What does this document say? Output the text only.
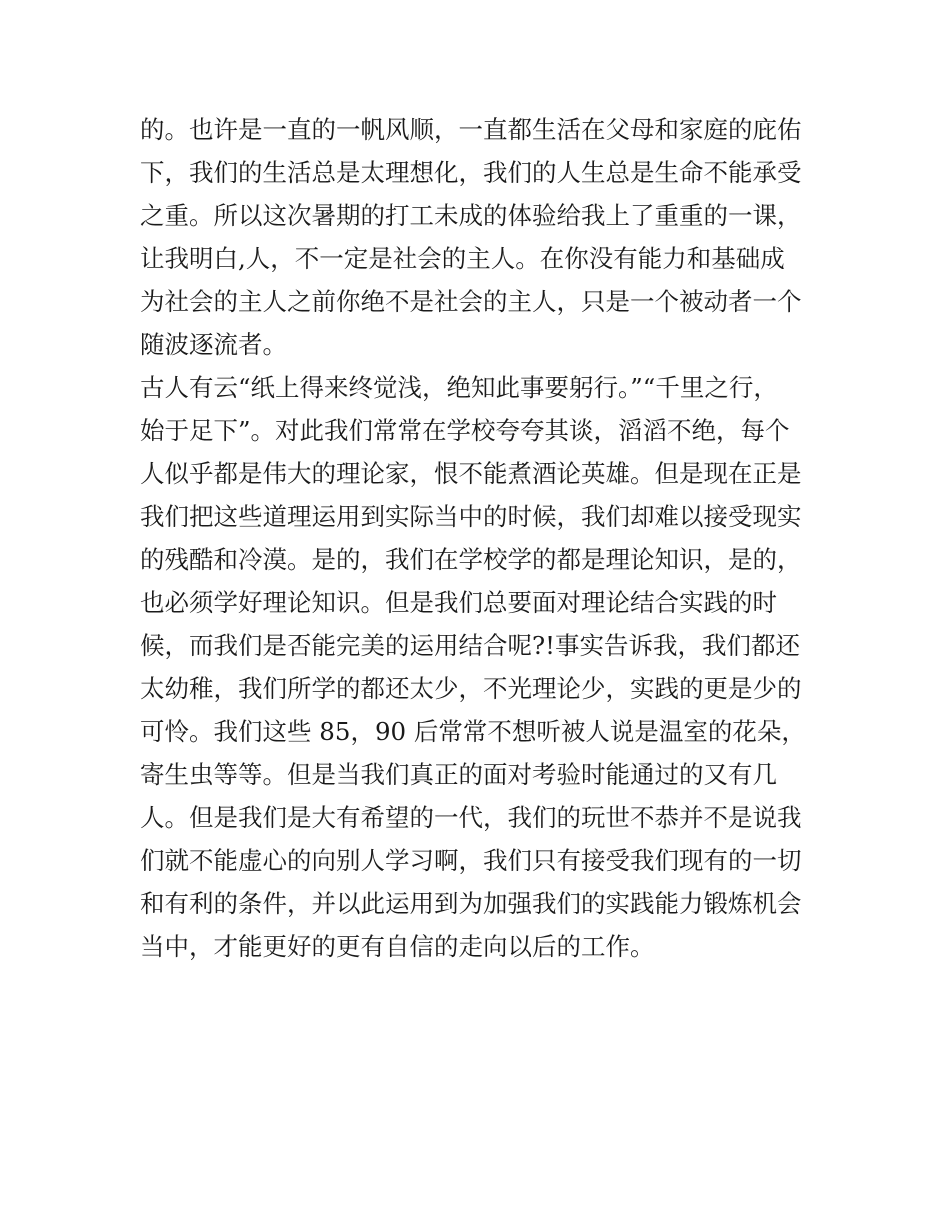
的。也许是一直的一帆风顺，一直都生活在父母和家庭的庇佑
下，我们的生活总是太理想化，我们的人生总是生命不能承受
之重。所以这次暑期的打工未成的体验给我上了重重的一课，
让我明白,人，不一定是社会的主人。在你没有能力和基础成
为社会的主人之前你绝不是社会的主人，只是一个被动者一个
随波逐流者。
古人有云“纸上得来终觉浅，绝知此事要躬行。”“千里之行，
始于足下”。对此我们常常在学校夸夸其谈，滔滔不绝，每个
人似乎都是伟大的理论家，恨不能煮酒论英雄。但是现在正是
我们把这些道理运用到实际当中的时候，我们却难以接受现实
的残酷和冷漠。是的，我们在学校学的都是理论知识，是的，
也必须学好理论知识。但是我们总要面对理论结合实践的时
候，而我们是否能完美的运用结合呢?!事实告诉我，我们都还
太幼稚，我们所学的都还太少，不光理论少，实践的更是少的
可怜。我们这些 85，90 后常常不想听被人说是温室的花朵，
寄生虫等等。但是当我们真正的面对考验时能通过的又有几
人。但是我们是大有希望的一代，我们的玩世不恭并不是说我
们就不能虚心的向别人学习啊，我们只有接受我们现有的一切
和有利的条件，并以此运用到为加强我们的实践能力锻炼机会
当中，才能更好的更有自信的走向以后的工作。
